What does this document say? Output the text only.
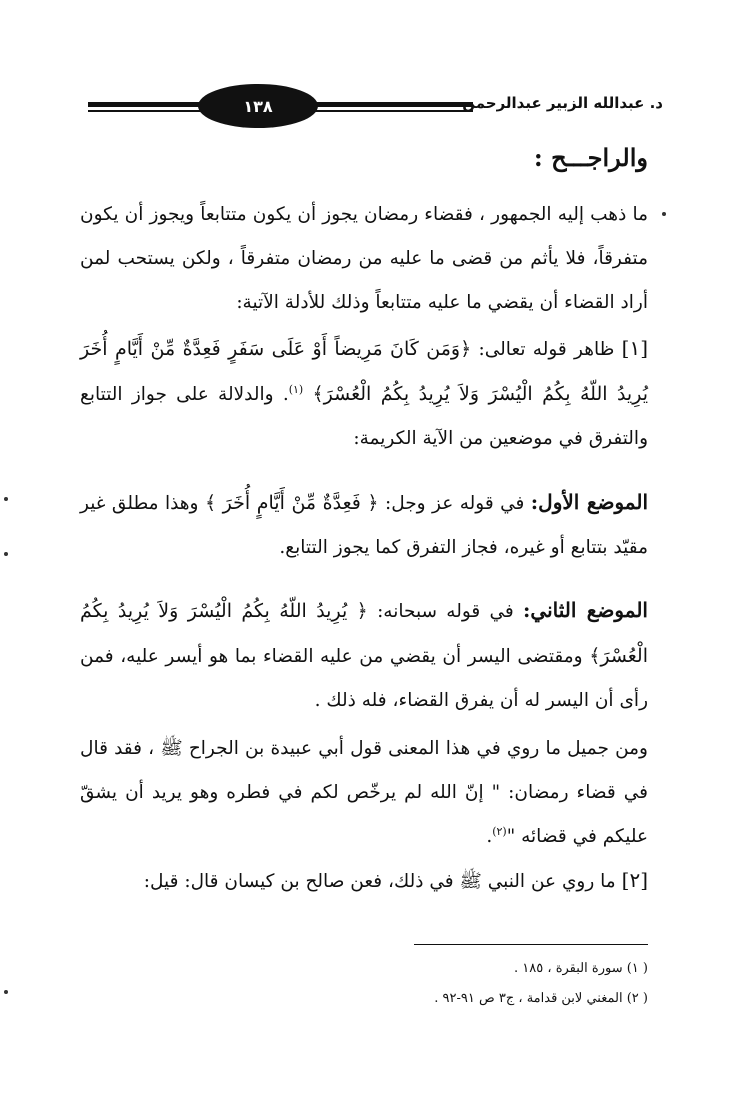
١٣٨	د. عبدالله الزبير عبدالرحمن
والراجـــح :

ما ذهب إليه الجمهور ، فقضاء رمضان يجوز أن يكون متتابعاً ويجوز أن يكون متفرقاً، فلا يأثم من قضى ما عليه من رمضان متفرقاً ، ولكن يستحب لمن أراد القضاء أن يقضي ما عليه متتابعاً وذلك للأدلة الآتية:

[١] ظاهر قوله تعالى: ﴿وَمَن كَانَ مَرِيضاً أَوْ عَلَى سَفَرٍ فَعِدَّةٌ مِّنْ أَيَّامٍ أُخَرَ يُرِيدُ اللّهُ بِكُمُ الْيُسْرَ وَلاَ يُرِيدُ بِكُمُ الْعُسْرَ﴾ $^{(١)}$. والدلالة على جواز التتابع والتفرق في موضعين من الآية الكريمة:

الموضع الأول: في قوله عز وجل: ﴿ فَعِدَّةٌ مِّنْ أَيَّامٍ أُخَرَ ﴾ وهذا مطلق غير مقيّد بتتابع أو غيره، فجاز التفرق كما يجوز التتابع.

الموضع الثاني: في قوله سبحانه: ﴿ يُرِيدُ اللّهُ بِكُمُ الْيُسْرَ وَلاَ يُرِيدُ بِكُمُ الْعُسْرَ﴾ ومقتضى اليسر أن يقضي من عليه القضاء بما هو أيسر عليه، فمن رأى أن اليسر له أن يفرق القضاء، فله ذلك .

ومن جميل ما روي في هذا المعنى قول أبي عبيدة بن الجراح ﷺ ، فقد قال في قضاء رمضان: " إنّ الله لم يرخّص لكم في فطره وهو يريد أن يشقّ عليكم في قضائه "$^{(٢)}$.

[٢] ما روي عن النبي ﷺ في ذلك، فعن صالح بن كيسان قال: قيل:

( ١) سورة البقرة ، ١٨٥ .

( ٢) المغني لابن قدامة ، ج٣ ص ٩١-٩٢ .
